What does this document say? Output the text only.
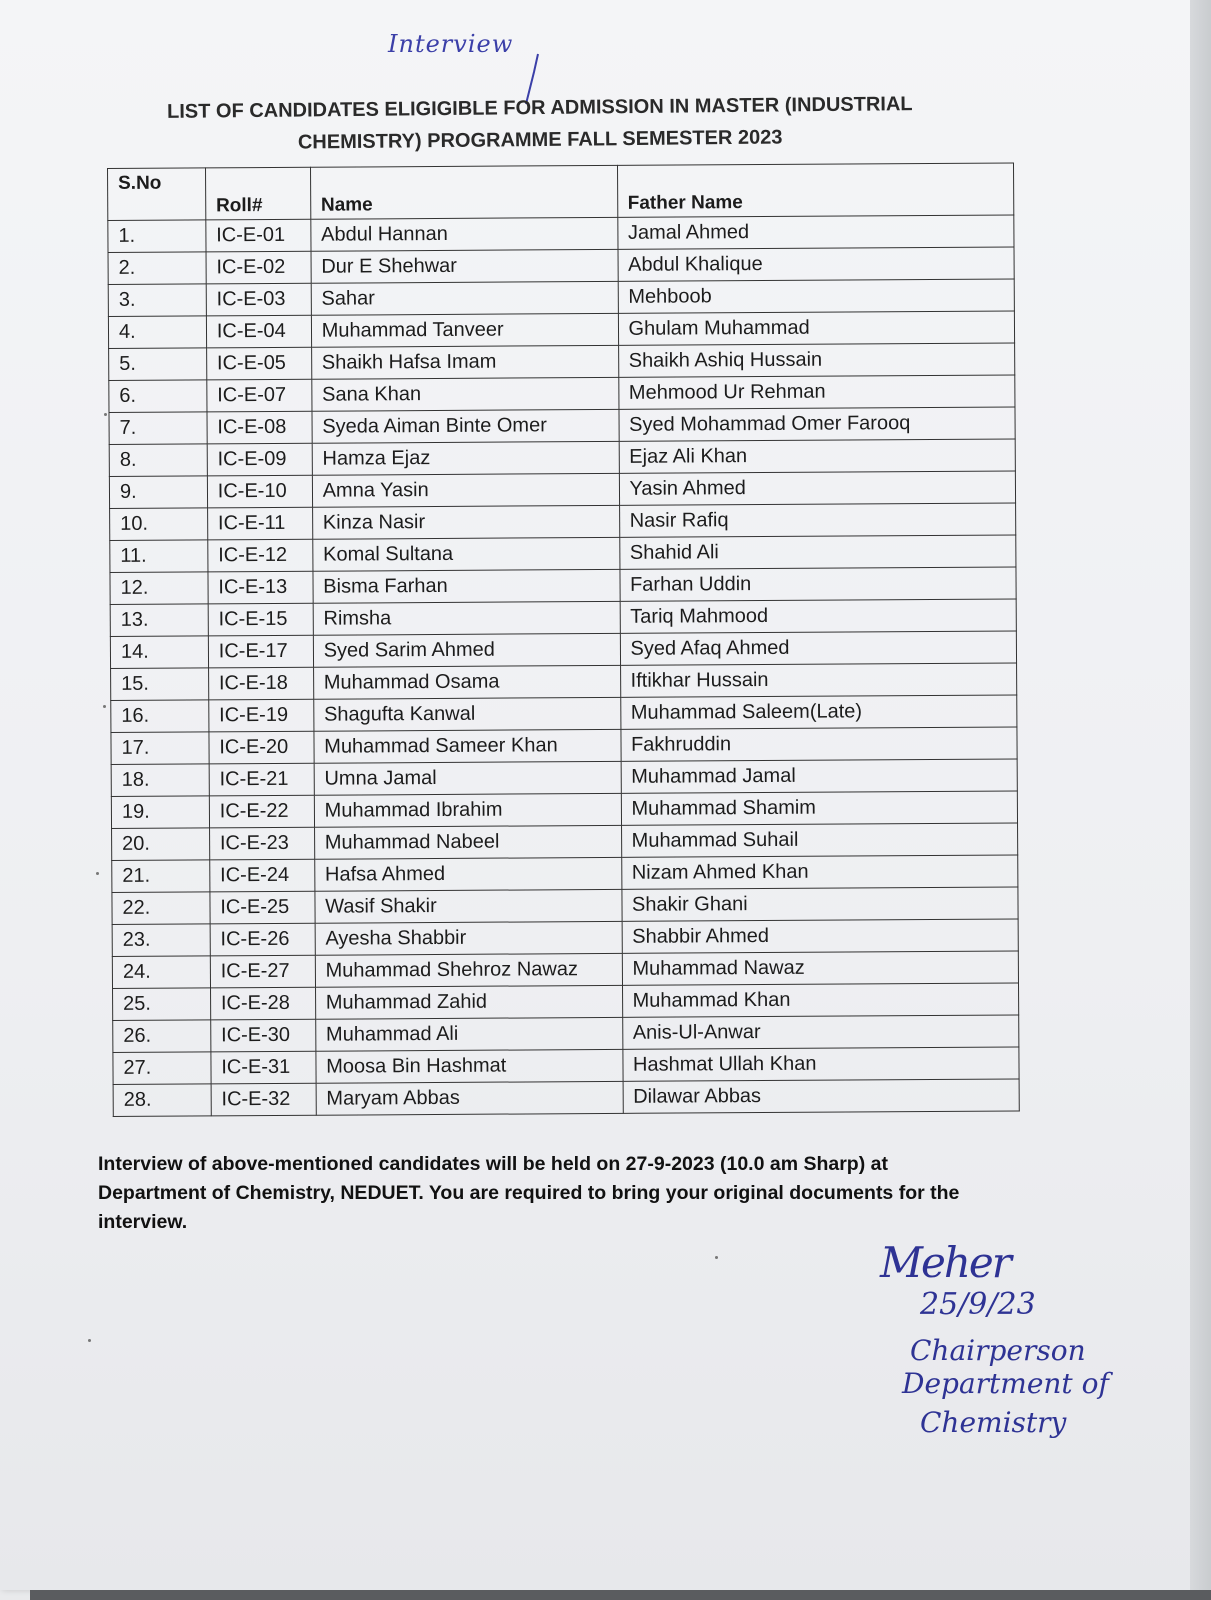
Interview
LIST OF CANDIDATES ELIGIGIBLE FOR ADMISSION IN MASTER (INDUSTRIAL
CHEMISTRY) PROGRAMME FALL SEMESTER 2023
S.No	Roll#	Name	Father Name
1.	IC-E-01	Abdul Hannan	Jamal Ahmed
2.	IC-E-02	Dur E Shehwar	Abdul Khalique
3.	IC-E-03	Sahar	Mehboob
4.	IC-E-04	Muhammad Tanveer	Ghulam Muhammad
5.	IC-E-05	Shaikh Hafsa Imam	Shaikh Ashiq Hussain
6.	IC-E-07	Sana Khan	Mehmood Ur Rehman
7.	IC-E-08	Syeda Aiman Binte Omer	Syed Mohammad Omer Farooq
8.	IC-E-09	Hamza Ejaz	Ejaz Ali Khan
9.	IC-E-10	Amna Yasin	Yasin Ahmed
10.	IC-E-11	Kinza Nasir	Nasir Rafiq
11.	IC-E-12	Komal Sultana	Shahid Ali
12.	IC-E-13	Bisma Farhan	Farhan Uddin
13.	IC-E-15	Rimsha	Tariq Mahmood
14.	IC-E-17	Syed Sarim Ahmed	Syed Afaq Ahmed
15.	IC-E-18	Muhammad Osama	Iftikhar Hussain
16.	IC-E-19	Shagufta Kanwal	Muhammad Saleem(Late)
17.	IC-E-20	Muhammad Sameer Khan	Fakhruddin
18.	IC-E-21	Umna Jamal	Muhammad Jamal
19.	IC-E-22	Muhammad Ibrahim	Muhammad Shamim
20.	IC-E-23	Muhammad Nabeel	Muhammad Suhail
21.	IC-E-24	Hafsa Ahmed	Nizam Ahmed Khan
22.	IC-E-25	Wasif Shakir	Shakir Ghani
23.	IC-E-26	Ayesha Shabbir	Shabbir Ahmed
24.	IC-E-27	Muhammad Shehroz Nawaz	Muhammad Nawaz
25.	IC-E-28	Muhammad Zahid	Muhammad Khan
26.	IC-E-30	Muhammad Ali	Anis-Ul-Anwar
27.	IC-E-31	Moosa Bin Hashmat	Hashmat Ullah Khan
28.	IC-E-32	Maryam Abbas	Dilawar Abbas
Interview of above-mentioned candidates will be held on 27-9-2023 (10.0 am Sharp) at
Department of Chemistry, NEDUET. You are required to bring your original documents for the
interview.
Meher
25/9/23
Chairperson
Department of
Chemistry
